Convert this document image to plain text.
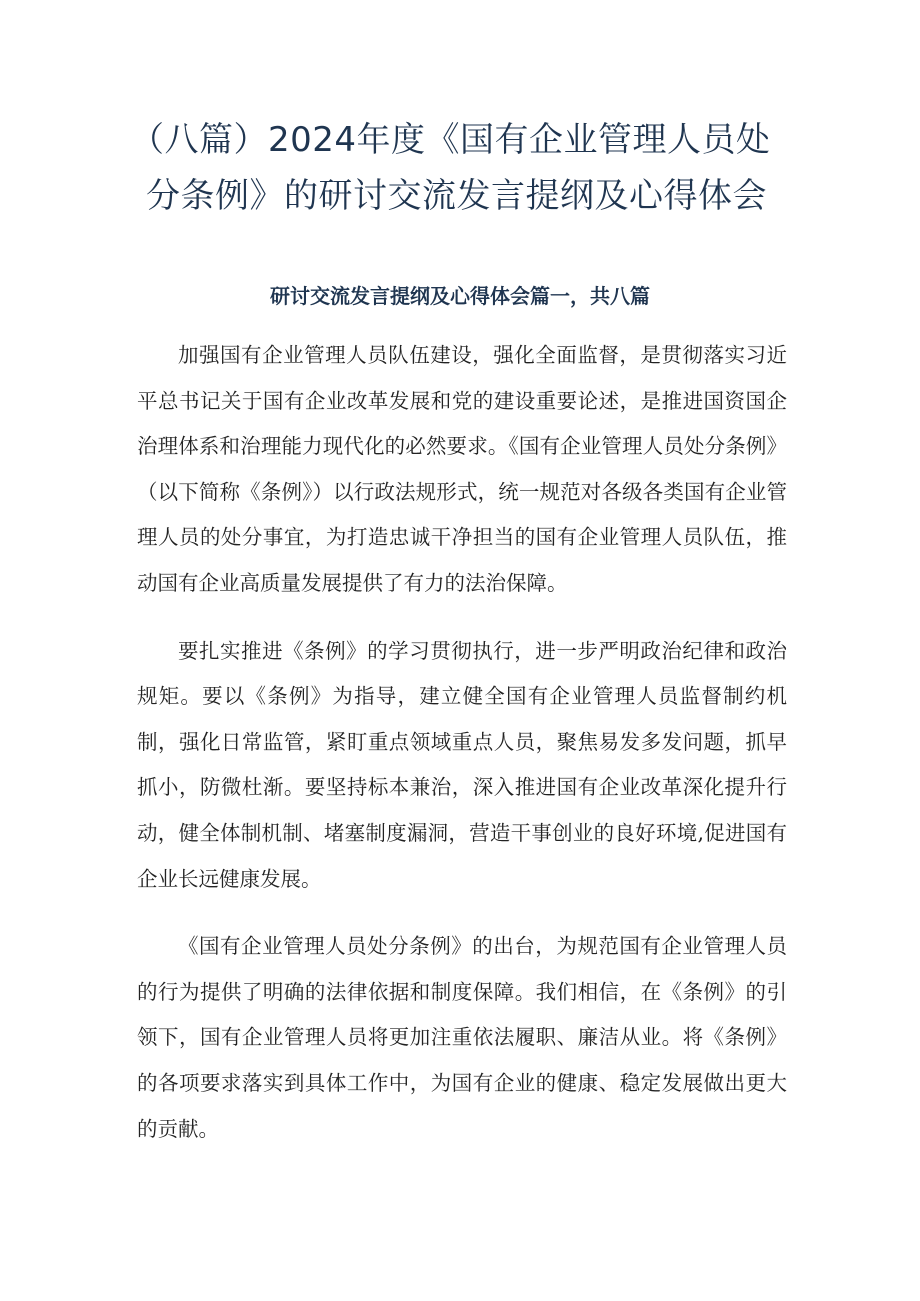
（八篇）2024年度《国有企业管理人员处
分条例》的研讨交流发言提纲及心得体会
研讨交流发言提纲及心得体会篇一，共八篇

加强国有企业管理人员队伍建设，强化全面监督，是贯彻落实习近平总书记关于国有企业改革发展和党的建设重要论述，是推进国资国企治理体系和治理能力现代化的必然要求。《国有企业管理人员处分条例》（以下简称《条例》）以行政法规形式，统一规范对各级各类国有企业管理人员的处分事宜，为打造忠诚干净担当的国有企业管理人员队伍，推动国有企业高质量发展提供了有力的法治保障。

要扎实推进《条例》的学习贯彻执行，进一步严明政治纪律和政治规矩。要以《条例》为指导，建立健全国有企业管理人员监督制约机制，强化日常监管，紧盯重点领域重点人员，聚焦易发多发问题，抓早抓小，防微杜渐。要坚持标本兼治，深入推进国有企业改革深化提升行动，健全体制机制、堵塞制度漏洞，营造干事创业的良好环境,促进国有企业长远健康发展。

《国有企业管理人员处分条例》的出台，为规范国有企业管理人员的行为提供了明确的法律依据和制度保障。我们相信，在《条例》的引领下，国有企业管理人员将更加注重依法履职、廉洁从业。将《条例》的各项要求落实到具体工作中，为国有企业的健康、稳定发展做出更大的贡献。
